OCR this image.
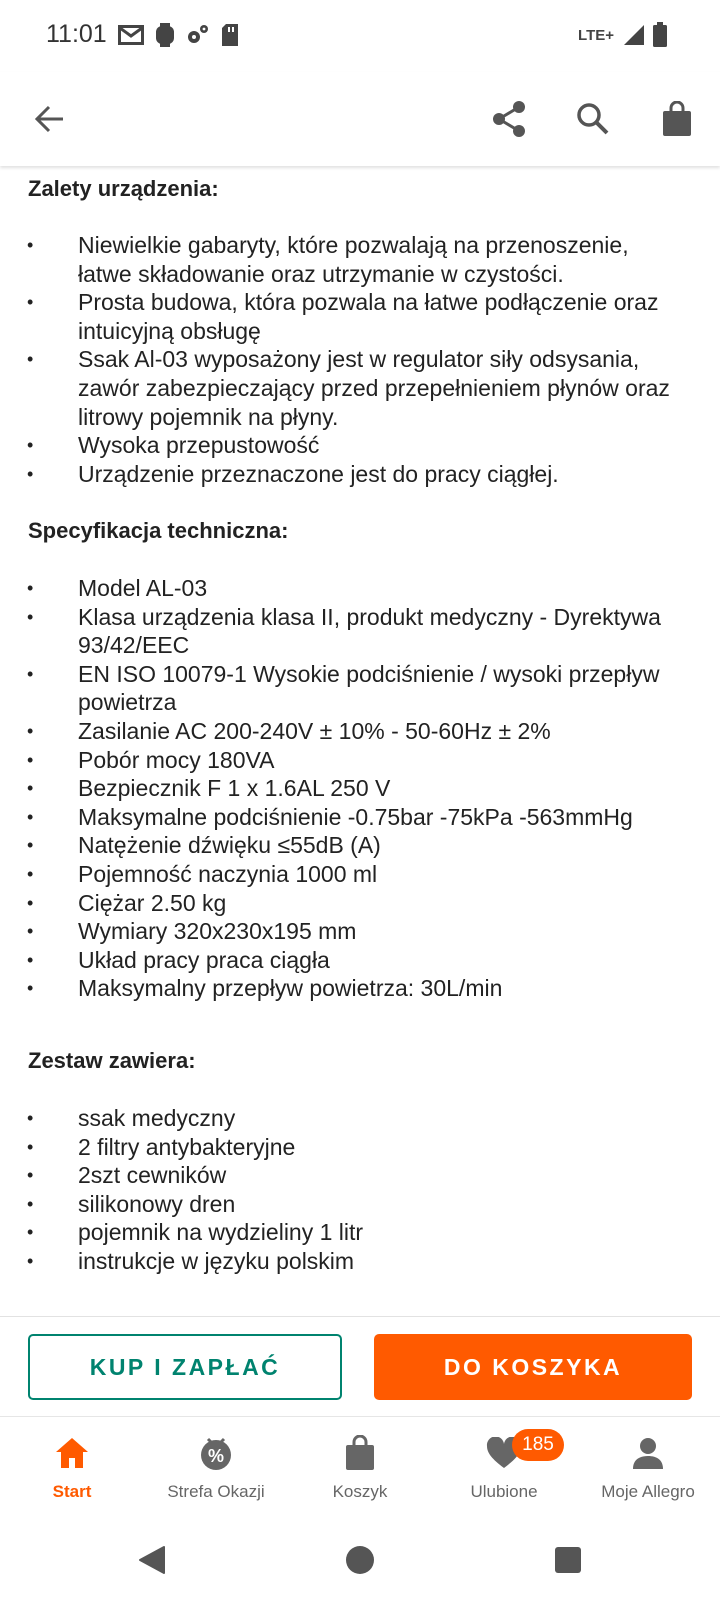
11:01	LTE+
Zalety urządzenia:
• Niewielkie gabaryty, które pozwalają na przenoszenie, łatwe składowanie oraz utrzymanie w czystości.
• Prosta budowa, która pozwala na łatwe podłączenie oraz intuicyjną obsługę
• Ssak Al-03 wyposażony jest w regulator siły odsysania, zawór zabezpieczający przed przepełnieniem płynów oraz litrowy pojemnik na płyny.
• Wysoka przepustowość
• Urządzenie przeznaczone jest do pracy ciągłej.
Specyfikacja techniczna:
• Model AL-03
• Klasa urządzenia klasa II, produkt medyczny - Dyrektywa 93/42/EEC
• EN ISO 10079-1 Wysokie podciśnienie / wysoki przepływ powietrza
• Zasilanie AC 200-240V ± 10% - 50-60Hz ± 2%
• Pobór mocy 180VA
• Bezpiecznik F 1 x 1.6AL 250 V
• Maksymalne podciśnienie -0.75bar -75kPa -563mmHg
• Natężenie dźwięku ≤55dB (A)
• Pojemność naczynia 1000 ml
• Ciężar 2.50 kg
• Wymiary 320x230x195 mm
• Układ pracy praca ciągła
• Maksymalny przepływ powietrza: 30L/min
Zestaw zawiera:
• ssak medyczny
• 2 filtry antybakteryjne
• 2szt cewników
• silikonowy dren
• pojemnik na wydzieliny 1 litr
• instrukcje w języku polskim
KUP I ZAPŁAĆ	DO KOSZYKA
Start
%
Strefa Okazji	Koszyk
185
Ulubione	Moje Allegro
